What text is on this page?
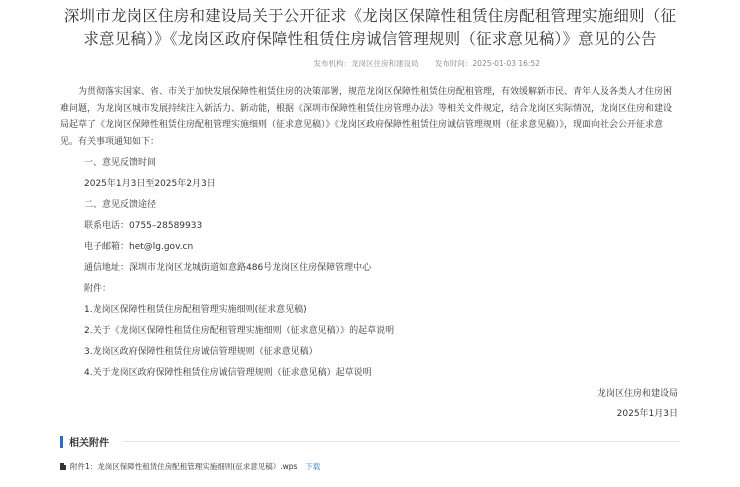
深圳市龙岗区住房和建设局关于公开征求《龙岗区保障性租赁住房配租管理实施细则（征求意见稿）》《龙岗区政府保障性租赁住房诚信管理规则（征求意见稿）》意见的公告
发布机构：龙岗区住房和建设局 发布时间：2025-01-03 16:52

为贯彻落实国家、省、市关于加快发展保障性租赁住房的决策部署，规范龙岗区保障性租赁住房配租管理，有效缓解新市民、青年人及各类人才住房困难问题，为龙岗区城市发展持续注入新活力、新动能，根据《深圳市保障性租赁住房管理办法》等相关文件规定，结合龙岗区实际情况，龙岗区住房和建设局起草了《龙岗区保障性租赁住房配租管理实施细则（征求意见稿）》《龙岗区政府保障性租赁住房诚信管理规则（征求意见稿）》，现面向社会公开征求意见。有关事项通知如下：

一、意见反馈时间

2025年1月3日至2025年2月3日

二、意见反馈途径

联系电话：0755–28589933

电子邮箱：het@lg.gov.cn

通信地址：深圳市龙岗区龙城街道如意路486号龙岗区住房保障管理中心

附件：

1.龙岗区保障性租赁住房配租管理实施细则(征求意见稿)

2.关于《龙岗区保障性租赁住房配租管理实施细则（征求意见稿）》的起草说明

3.龙岗区政府保障性租赁住房诚信管理规则（征求意见稿）

4.关于龙岗区政府保障性租赁住房诚信管理规则（征求意见稿）起草说明

龙岗区住房和建设局

2025年1月3日

相关附件
附件1：龙岗区保障性租赁住房配租管理实施细则(征求意见稿）.wps 下载
